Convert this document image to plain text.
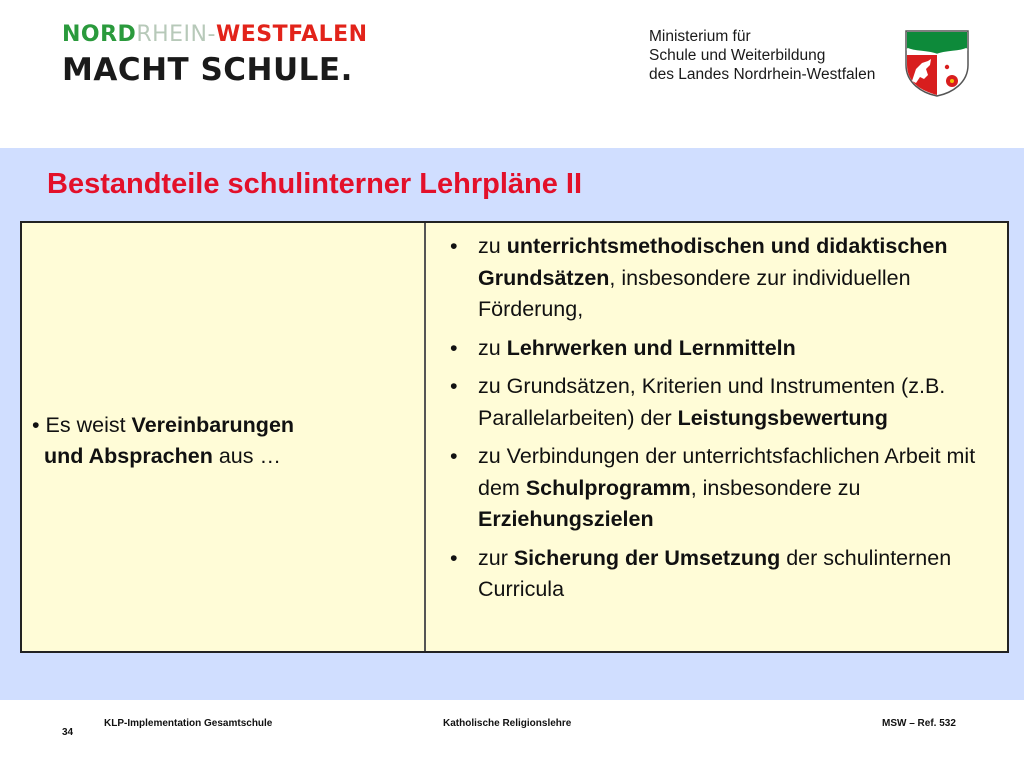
NORDRHEIN-WESTFALEN
MACHT SCHULE.
Ministerium für
Schule und Weiterbildung
des Landes Nordrhein-Westfalen
Bestandteile schulinterner Lehrpläne II
• Es weist Vereinbarungen
und Absprachen aus …
• zu unterrichtsmethodischen und didaktischen Grundsätzen, insbesondere zur individuellen Förderung,
• zu Lehrwerken und Lernmitteln
• zu Grundsätzen, Kriterien und Instrumenten (z.B. Parallelarbeiten) der Leistungsbewertung
• zu Verbindungen der unterrichtsfachlichen Arbeit mit dem Schulprogramm, insbesondere zu Erziehungszielen
• zur Sicherung der Umsetzung der schulinternen Curricula
34
KLP-Implementation Gesamtschule	Katholische Religionslehre	MSW – Ref. 532
